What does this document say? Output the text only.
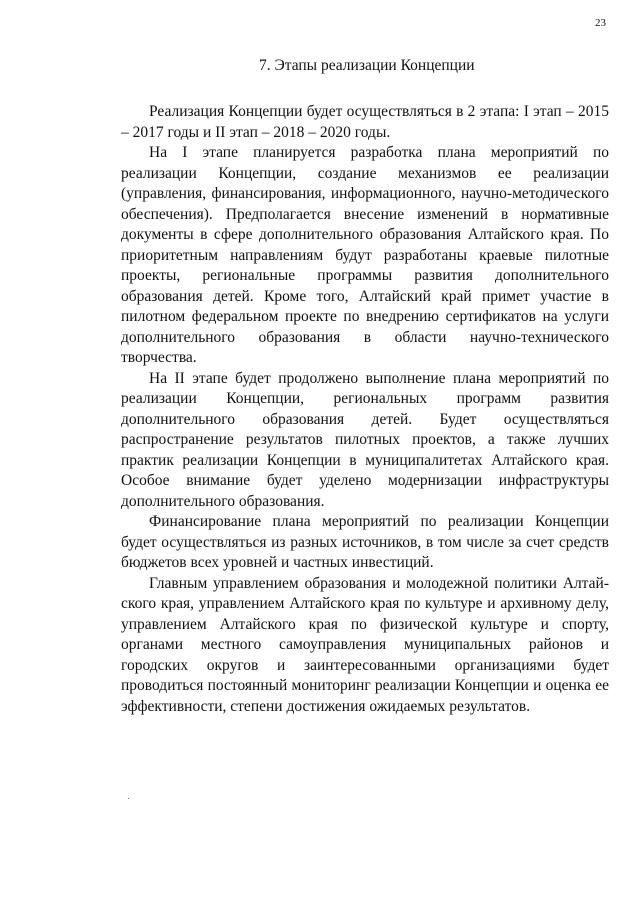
23
7. Этапы реализации Концепции

Реализация Концепции будет осуществляться в 2 этапа: I этап – 2015 – 2017 годы и II этап – 2018 – 2020 годы.

На I этапе планируется разработка плана мероприятий по реализации Концепции, создание механизмов ее реализации (управления, финансирования, информационного, научно-методического обеспечения). Предполагается внесение изменений в нормативные документы в сфере дополнительного образования Алтайского края. По приоритетным направлениям будут разработаны краевые пилотные проекты, региональные программы развития дополнительного образования детей. Кроме того, Алтайский край примет участие в пилотном федеральном проекте по внедрению сертификатов на услуги дополнительного образования в области научно-технического творчества.

На II этапе будет продолжено выполнение плана мероприятий по реализации Концепции, региональных программ развития дополнительного образования детей. Будет осуществляться распространение результатов пилотных проектов, а также лучших практик реализации Концепции в муниципалитетах Алтайского края. Особое внимание будет уделено модернизации инфраструктуры дополнительного образования.

Финансирование плана мероприятий по реализации Концепции будет осуществляться из разных источников, в том числе за счет средств бюджетов всех уровней и частных инвестиций.

Главным управлением образования и молодежной политики Алтайского края, управлением Алтайского края по культуре и архивному делу, управлением Алтайского края по физической культуре и спорту, органами местного самоуправления муниципальных районов и городских округов и заинтересованными организациями будет проводиться постоянный мониторинг реализации Концепции и оценка ее эффективности, степени достижения ожидаемых результатов.
